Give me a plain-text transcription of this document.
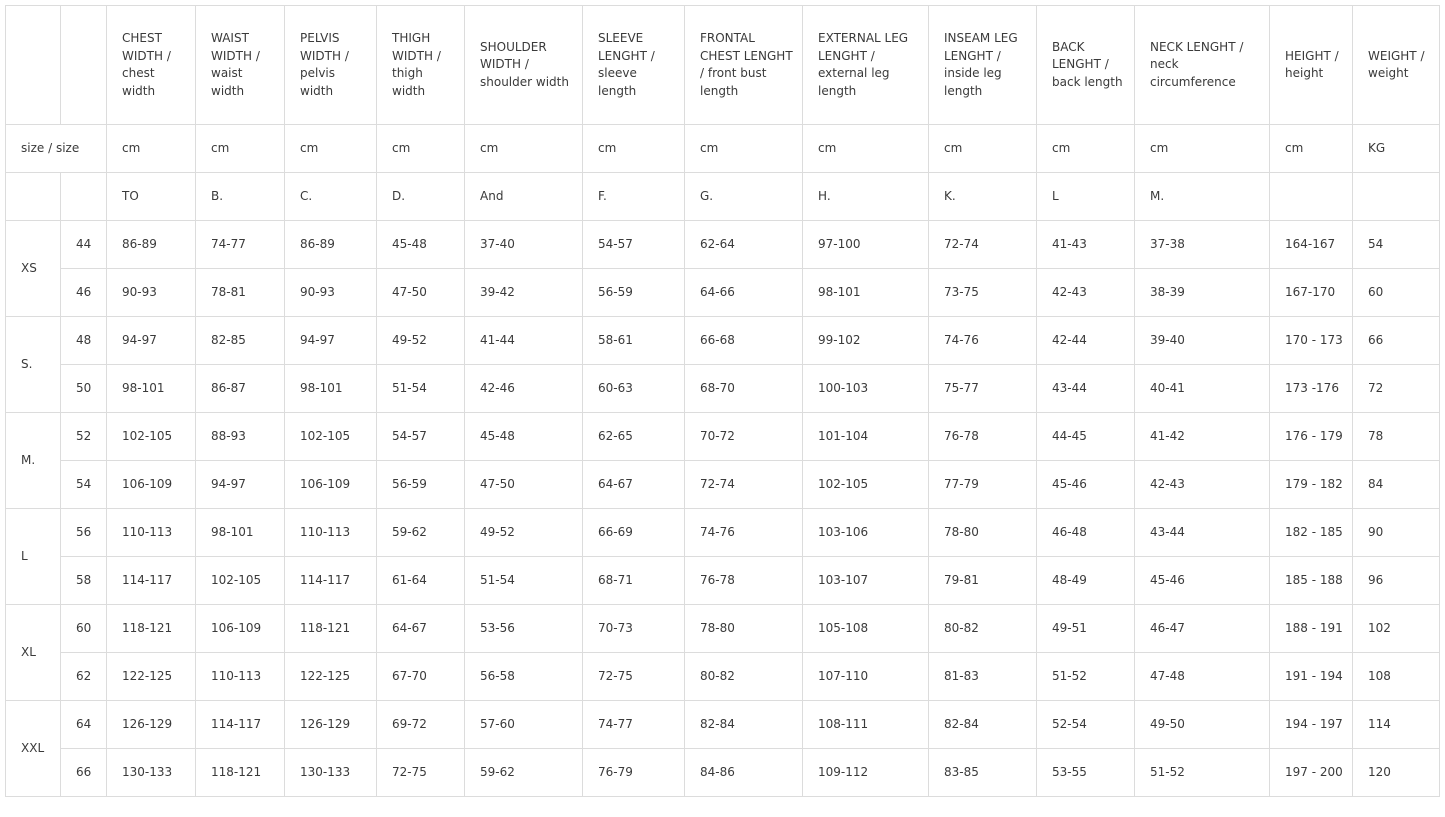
		CHEST WIDTH / chest width	WAIST WIDTH / waist width	PELVIS WIDTH / pelvis width	THIGH WIDTH / thigh width	SHOULDER WIDTH / shoulder width	SLEEVE LENGHT / sleeve length	FRONTAL CHEST LENGHT / front bust length	EXTERNAL LEG LENGHT / external leg length	INSEAM LEG LENGHT / inside leg length	BACK LENGHT / back length	NECK LENGHT / neck circumference	HEIGHT / height	WEIGHT / weight
size / size		cm	cm	cm	cm	cm	cm	cm	cm	cm	cm	cm	cm	KG
		TO	B.	C.	D.	And	F.	G.	H.	K.	L	M.		
XS	44	86-89	74-77	86-89	45-48	37-40	54-57	62-64	97-100	72-74	41-43	37-38	164-167	54
	46	90-93	78-81	90-93	47-50	39-42	56-59	64-66	98-101	73-75	42-43	38-39	167-170	60
S.	48	94-97	82-85	94-97	49-52	41-44	58-61	66-68	99-102	74-76	42-44	39-40	170 - 173	66
	50	98-101	86-87	98-101	51-54	42-46	60-63	68-70	100-103	75-77	43-44	40-41	173 -176	72
M.	52	102-105	88-93	102-105	54-57	45-48	62-65	70-72	101-104	76-78	44-45	41-42	176 - 179	78
	54	106-109	94-97	106-109	56-59	47-50	64-67	72-74	102-105	77-79	45-46	42-43	179 - 182	84
L	56	110-113	98-101	110-113	59-62	49-52	66-69	74-76	103-106	78-80	46-48	43-44	182 - 185	90
	58	114-117	102-105	114-117	61-64	51-54	68-71	76-78	103-107	79-81	48-49	45-46	185 - 188	96
XL	60	118-121	106-109	118-121	64-67	53-56	70-73	78-80	105-108	80-82	49-51	46-47	188 - 191	102
	62	122-125	110-113	122-125	67-70	56-58	72-75	80-82	107-110	81-83	51-52	47-48	191 - 194	108
XXL	64	126-129	114-117	126-129	69-72	57-60	74-77	82-84	108-111	82-84	52-54	49-50	194 - 197	114
	66	130-133	118-121	130-133	72-75	59-62	76-79	84-86	109-112	83-85	53-55	51-52	197 - 200	120
